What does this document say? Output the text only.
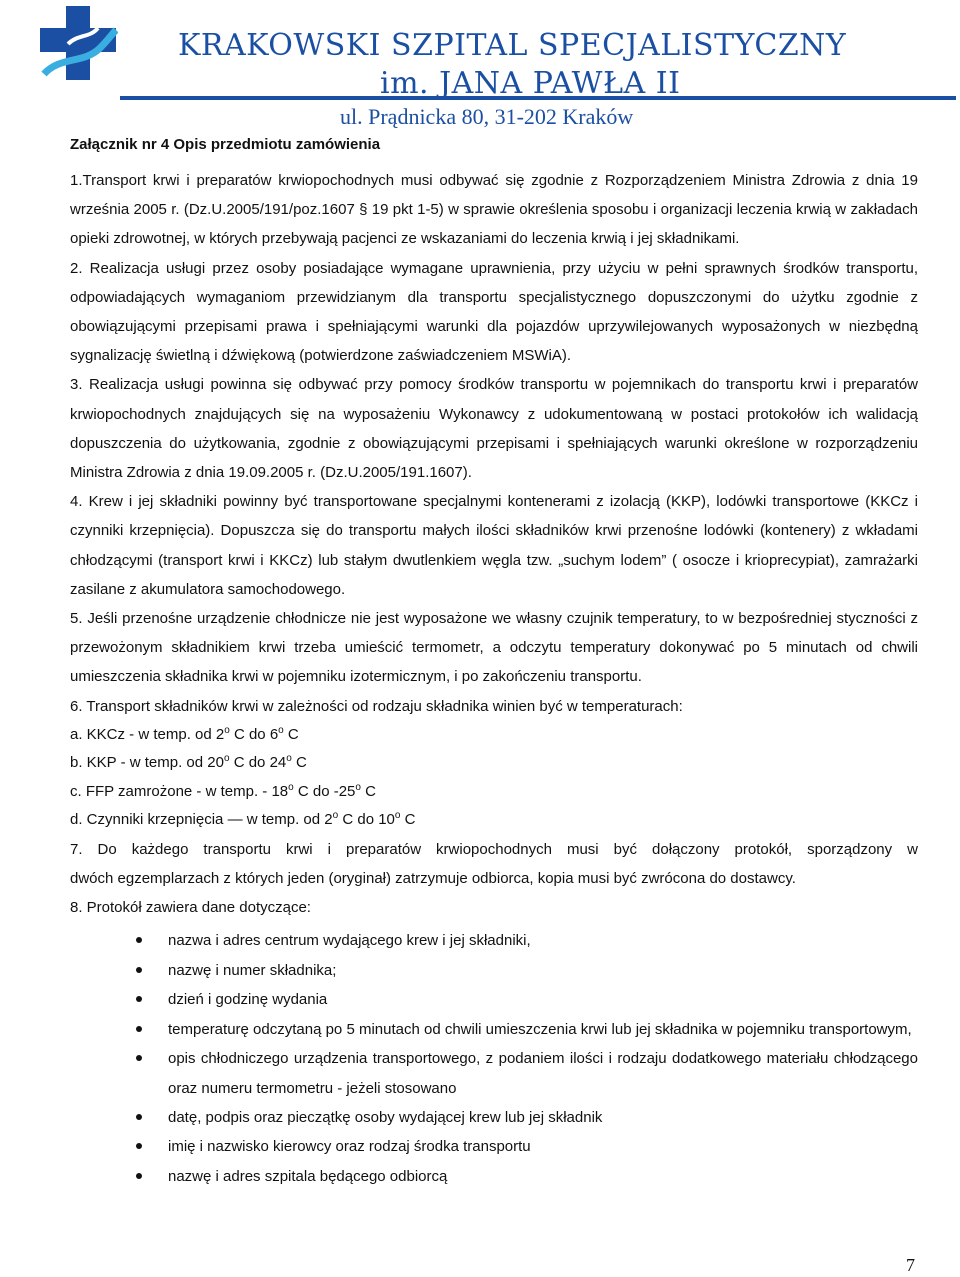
KRAKOWSKI SZPITAL SPECJALISTYCZNY
im. JANA PAWŁA II
ul. Prądnicka 80, 31-202 Kraków
Załącznik nr 4 Opis przedmiotu zamówienia

1.Transport krwi i preparatów krwiopochodnych musi odbywać się zgodnie z Rozporządzeniem Ministra Zdrowia z dnia 19 września 2005 r. (Dz.U.2005/191/poz.1607 § 19 pkt 1-5) w sprawie określenia sposobu i organizacji leczenia krwią w zakładach opieki zdrowotnej, w których przebywają pacjenci ze wskazaniami do leczenia krwią i jej składnikami.

2. Realizacja usługi przez osoby posiadające wymagane uprawnienia, przy użyciu w pełni sprawnych środków transportu, odpowiadających wymaganiom przewidzianym dla transportu specjalistycznego dopuszczonymi do użytku zgodnie z obowiązującymi przepisami prawa i spełniającymi warunki dla pojazdów uprzywilejowanych wyposażonych w niezbędną sygnalizację świetlną i dźwiękową (potwierdzone zaświadczeniem MSWiA).

3. Realizacja usługi powinna się odbywać przy pomocy środków transportu w pojemnikach do transportu krwi i preparatów krwiopochodnych znajdujących się na wyposażeniu Wykonawcy z udokumentowaną w postaci protokołów ich walidacją dopuszczenia do użytkowania, zgodnie z obowiązującymi przepisami i spełniających warunki określone w rozporządzeniu Ministra Zdrowia z dnia 19.09.2005 r. (Dz.U.2005/191.1607).

4. Krew i jej składniki powinny być transportowane specjalnymi kontenerami z izolacją (KKP), lodówki transportowe (KKCz i czynniki krzepnięcia). Dopuszcza się do transportu małych ilości składników krwi przenośne lodówki (kontenery) z wkładami chłodzącymi (transport krwi i KKCz) lub stałym dwutlenkiem węgla tzw. „suchym lodem” ( osocze i krioprecypiat), zamrażarki zasilane z akumulatora samochodowego.

5. Jeśli przenośne urządzenie chłodnicze nie jest wyposażone we własny czujnik temperatury, to w bezpośredniej styczności z przewożonym składnikiem krwi trzeba umieścić termometr, a odczytu temperatury dokonywać po 5 minutach od chwili umieszczenia składnika krwi w pojemniku izotermicznym, i po zakończeniu transportu.

6. Transport składników krwi w zależności od rodzaju składnika winien być w temperaturach:

a. KKCz - w temp. od 2$^o$ C do 6$^o$ C
b. KKP - w temp. od 20$^o$ C do 24$^o$ C
c. FFP zamrożone - w temp. - 18$^o$ C do -25$^o$ C
d. Czynniki krzepnięcia — w temp. od 2$^o$ C do 10$^o$ C

7. Do każdego transportu krwi i preparatów krwiopochodnych musi być dołączony protokół, sporządzony w

dwóch egzemplarzach z których jeden (oryginał) zatrzymuje odbiorca, kopia musi być zwrócona do dostawcy.

8. Protokół zawiera dane dotyczące:

nazwa i adres centrum wydającego krew i jej składniki,
nazwę i numer składnika;
dzień i godzinę wydania
temperaturę odczytaną po 5 minutach od chwili umieszczenia krwi lub jej składnika w pojemniku transportowym,
opis chłodniczego urządzenia transportowego, z podaniem ilości i rodzaju dodatkowego materiału chłodzącego oraz numeru termometru - jeżeli stosowano
datę, podpis oraz pieczątkę osoby wydającej krew lub jej składnik
imię i nazwisko kierowcy oraz rodzaj środka transportu
nazwę i adres szpitala będącego odbiorcą
7
